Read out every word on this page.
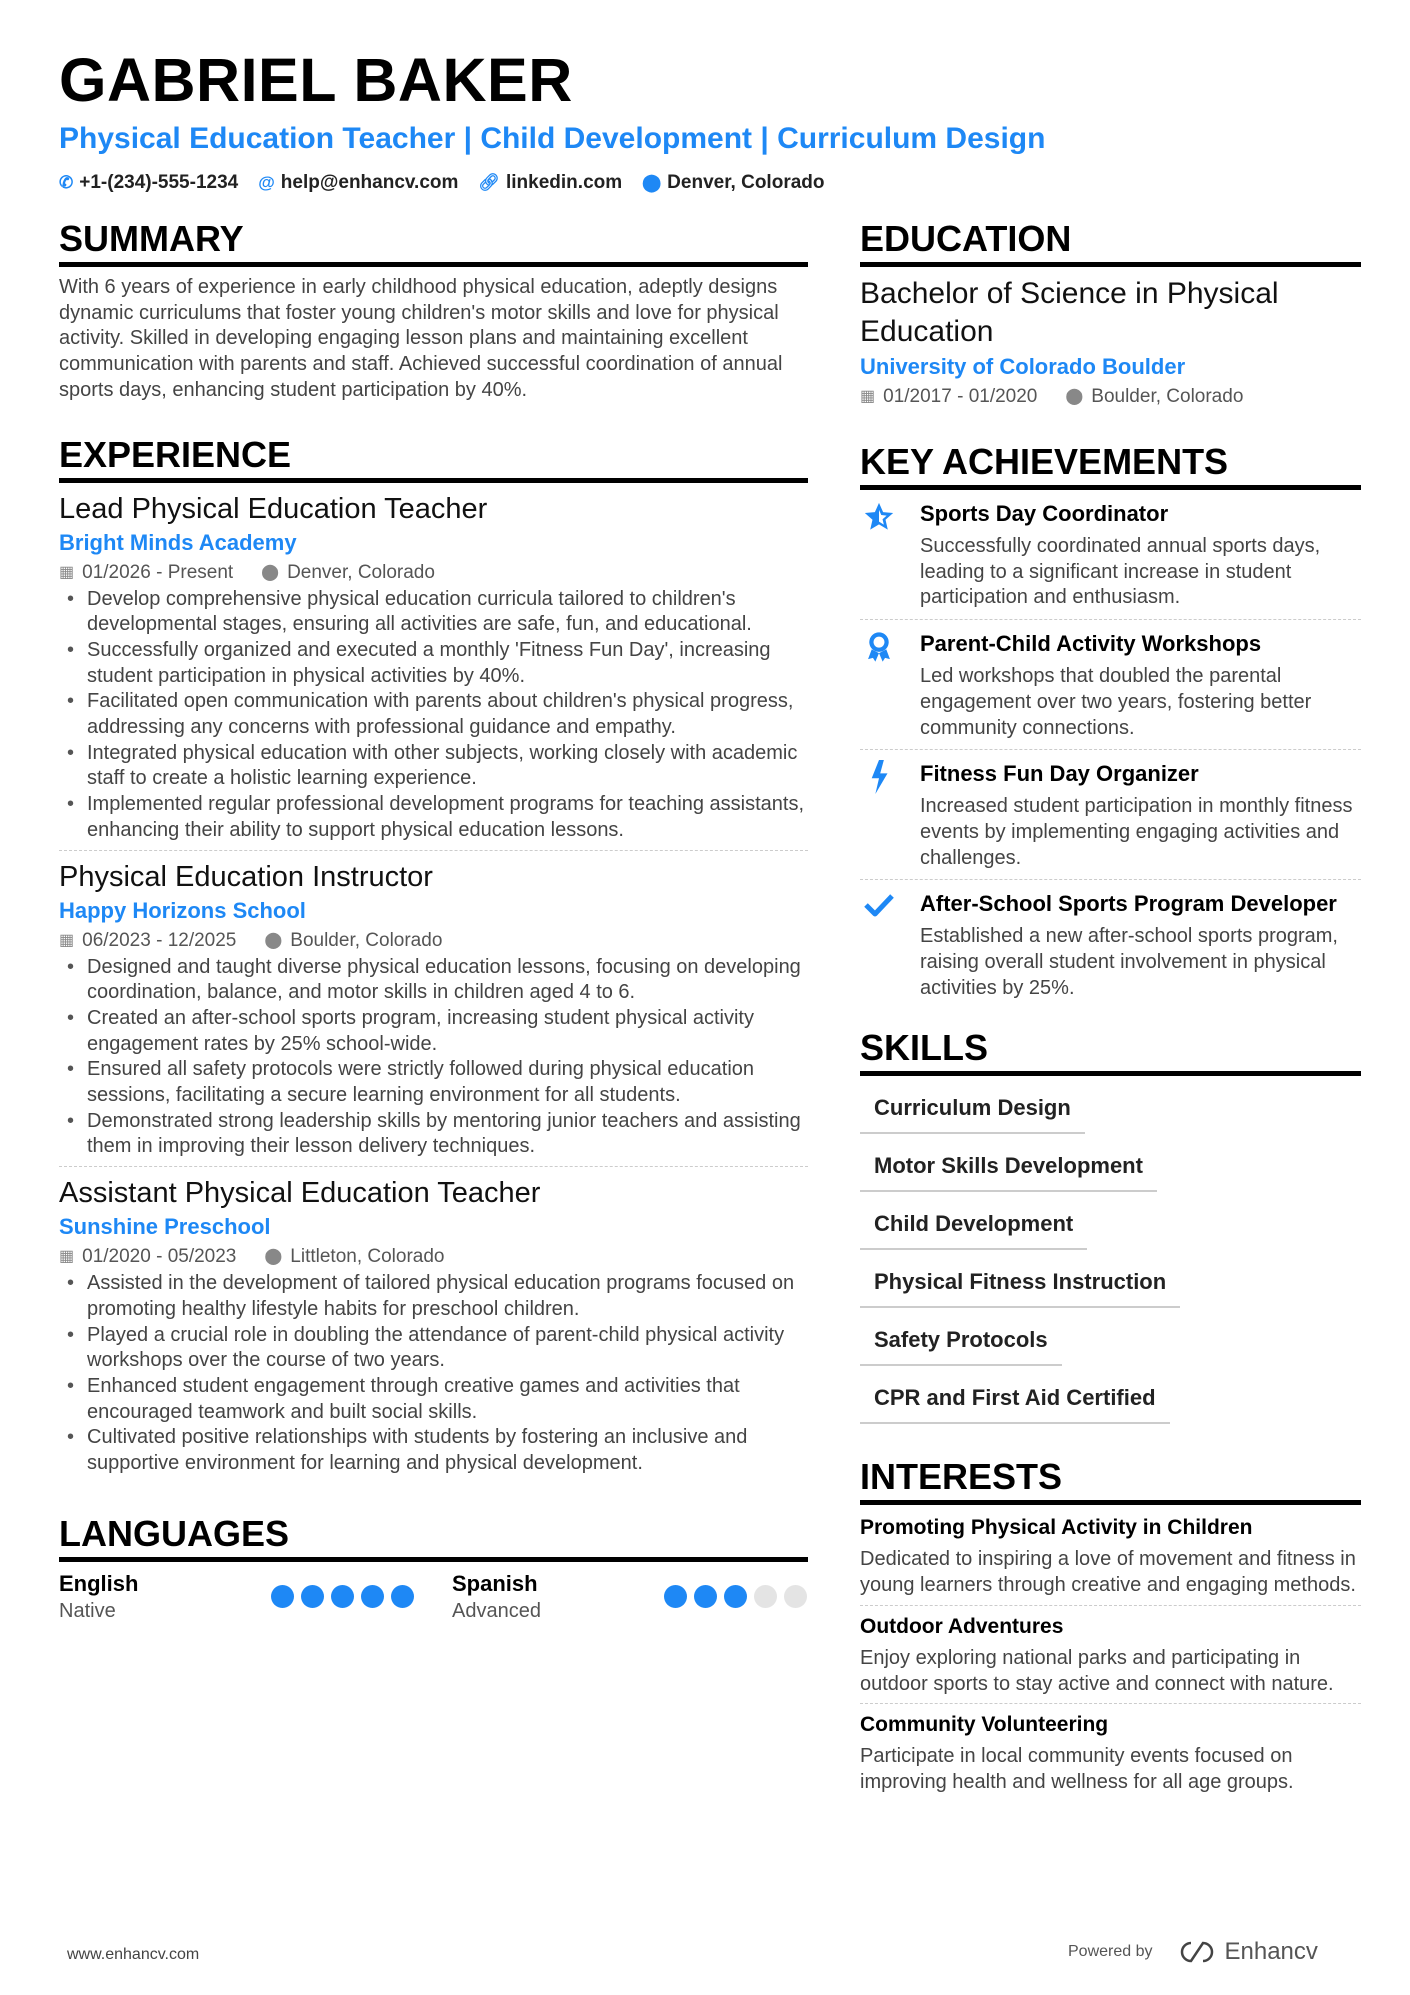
GABRIEL BAKER
Physical Education Teacher | Child Development | Curriculum Design
✆ +1-(234)-555-1234 @ help@enhancv.com 🔗︎ linkedin.com ⬤ Denver, Colorado
SUMMARY
With 6 years of experience in early childhood physical education, adeptly designs dynamic curriculums that foster young children's motor skills and love for physical activity. Skilled in developing engaging lesson plans and maintaining excellent communication with parents and staff. Achieved successful coordination of annual sports days, enhancing student participation by 40%.
EXPERIENCE
Lead Physical Education Teacher
Bright Minds Academy
▦ 01/2026 - Present ⬤ Denver, Colorado
• Develop comprehensive physical education curricula tailored to children's developmental stages, ensuring all activities are safe, fun, and educational.
• Successfully organized and executed a monthly 'Fitness Fun Day', increasing student participation in physical activities by 40%.
• Facilitated open communication with parents about children's physical progress, addressing any concerns with professional guidance and empathy.
• Integrated physical education with other subjects, working closely with academic staff to create a holistic learning experience.
• Implemented regular professional development programs for teaching assistants, enhancing their ability to support physical education lessons.
Physical Education Instructor
Happy Horizons School
▦ 06/2023 - 12/2025 ⬤ Boulder, Colorado
• Designed and taught diverse physical education lessons, focusing on developing coordination, balance, and motor skills in children aged 4 to 6.
• Created an after-school sports program, increasing student physical activity engagement rates by 25% school-wide.
• Ensured all safety protocols were strictly followed during physical education sessions, facilitating a secure learning environment for all students.
• Demonstrated strong leadership skills by mentoring junior teachers and assisting them in improving their lesson delivery techniques.
Assistant Physical Education Teacher
Sunshine Preschool
▦ 01/2020 - 05/2023 ⬤ Littleton, Colorado
• Assisted in the development of tailored physical education programs focused on promoting healthy lifestyle habits for preschool children.
• Played a crucial role in doubling the attendance of parent-child physical activity workshops over the course of two years.
• Enhanced student engagement through creative games and activities that encouraged teamwork and built social skills.
• Cultivated positive relationships with students by fostering an inclusive and supportive environment for learning and physical development.
LANGUAGES
English
Native
Spanish
Advanced
EDUCATION
Bachelor of Science in Physical Education
University of Colorado Boulder
▦ 01/2017 - 01/2020 ⬤ Boulder, Colorado
KEY ACHIEVEMENTS
Sports Day Coordinator
Successfully coordinated annual sports days, leading to a significant increase in student participation and enthusiasm.
Parent-Child Activity Workshops
Led workshops that doubled the parental engagement over two years, fostering better community connections.
Fitness Fun Day Organizer
Increased student participation in monthly fitness events by implementing engaging activities and challenges.
After-School Sports Program Developer
Established a new after-school sports program, raising overall student involvement in physical activities by 25%.
SKILLS
Curriculum Design
Motor Skills Development
Child Development
Physical Fitness Instruction
Safety Protocols
CPR and First Aid Certified
INTERESTS
Promoting Physical Activity in Children
Dedicated to inspiring a love of movement and fitness in young learners through creative and engaging methods.
Outdoor Adventures
Enjoy exploring national parks and participating in outdoor sports to stay active and connect with nature.
Community Volunteering
Participate in local community events focused on improving health and wellness for all age groups.
www.enhancv.com	Powered by	Enhancv
